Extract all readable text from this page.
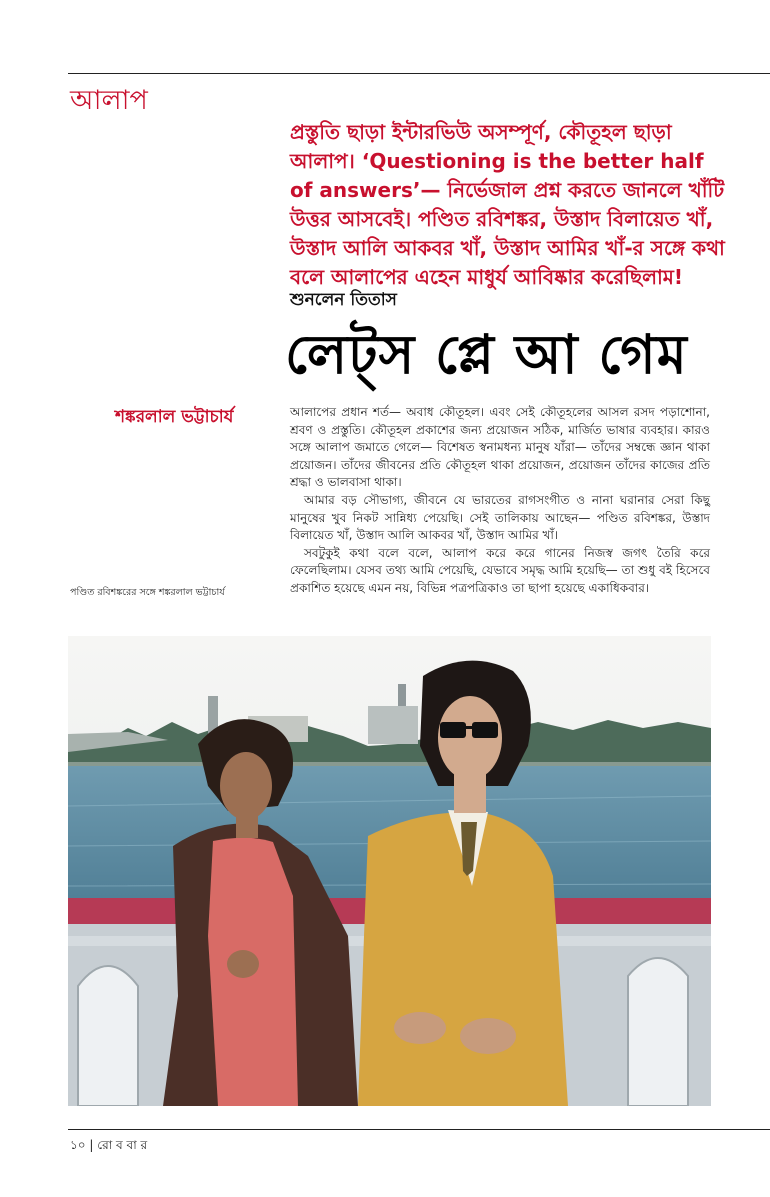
আলাপ

প্রস্তুতি ছাড়া ইন্টারভিউ অসম্পূর্ণ, কৌতূহল ছাড়া আলাপ। ‘Questioning is the better half of answers’— নির্ভেজাল প্রশ্ন করতে জানলে খাঁটি উত্তর আসবেই। পণ্ডিত রবিশঙ্কর, উস্তাদ বিলায়েত খাঁ, উস্তাদ আলি আকবর খাঁ, উস্তাদ আমির খাঁ-র সঙ্গে কথা বলে আলাপের এহেন মাধুর্য আবিষ্কার করেছিলাম!

শুনলেন তিতাস
লেট্স প্লে আ গেম
শঙ্করলাল ভট্টাচার্য	আলাপের প্রধান শর্ত— অবাধ কৌতূহল। এবং সেই কৌতূহলের আসল রসদ পড়াশোনা, শ্রবণ ও প্রস্তুতি। কৌতূহল প্রকাশের জন্য প্রয়োজন সঠিক, মার্জিত ভাষার ব্যবহার। কারও সঙ্গে আলাপ জমাতে গেলে— বিশেষত স্বনামধন্য মানুষ যাঁরা— তাঁদের সম্বন্ধে জ্ঞান থাকা প্রয়োজন। তাঁদের জীবনের প্রতি কৌতূহল থাকা প্রয়োজন, প্রয়োজন তাঁদের কাজের প্রতি শ্রদ্ধা ও ভালবাসা থাকা।

আমার বড় সৌভাগ্য, জীবনে যে ভারতের রাগসংগীত ও নানা ঘরানার সেরা কিছু মানুষের খুব নিকট সান্নিধ্য পেয়েছি। সেই তালিকায় আছেন— পণ্ডিত রবিশঙ্কর, উস্তাদ বিলায়েত খাঁ, উস্তাদ আলি আকবর খাঁ, উস্তাদ আমির খাঁ।

সবটুকুই কথা বলে বলে, আলাপ করে করে গানের নিজস্ব জগৎ তৈরি করে ফেলেছিলাম। যেসব তথ্য আমি পেয়েছি, যেভাবে সমৃদ্ধ আমি হয়েছি— তা শুধু বই হিসেবে প্রকাশিত হয়েছে এমন নয়, বিভিন্ন পত্রপত্রিকাও তা ছাপা হয়েছে একাধিকবার।

পণ্ডিত রবিশঙ্করের সঙ্গে শঙ্করলাল ভট্টাচার্য
১০ | রো ব বা র
